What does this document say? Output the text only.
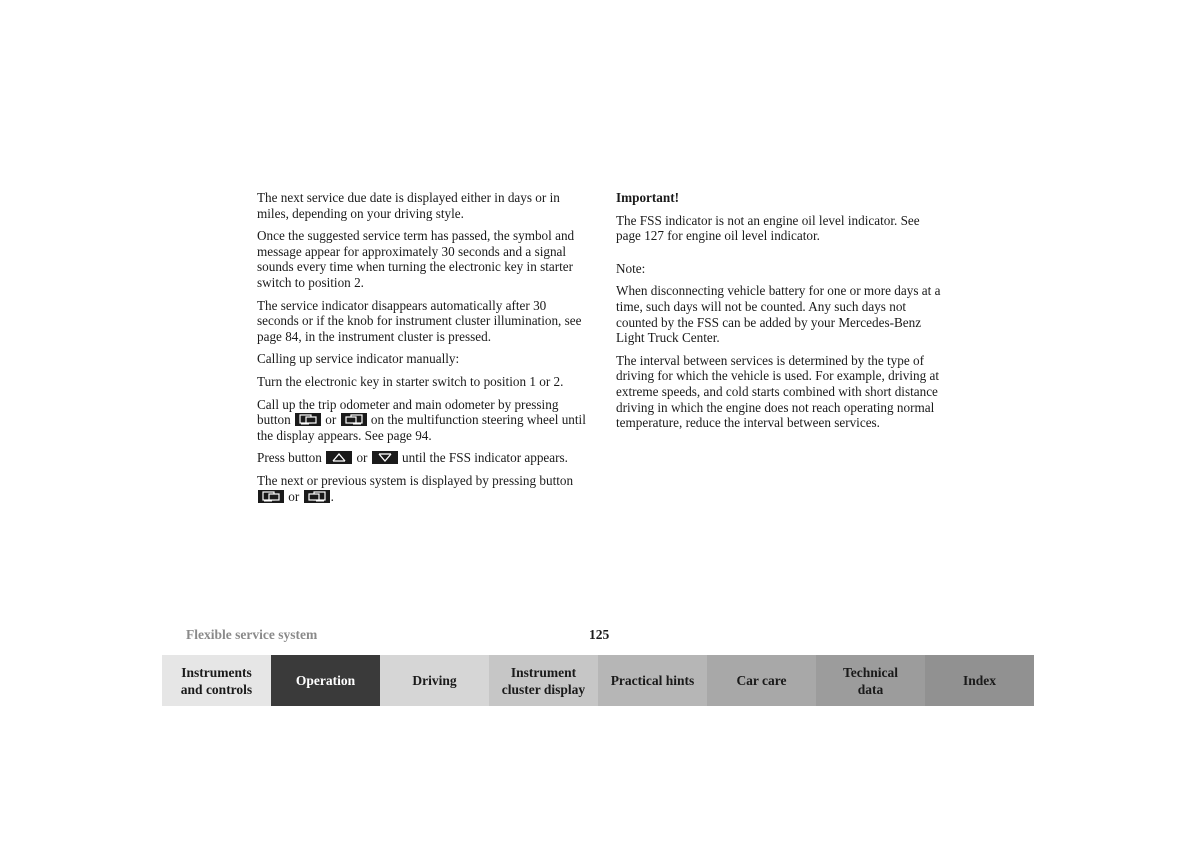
The next service due date is displayed either in days or in miles, depending on your driving style.

Once the suggested service term has passed, the symbol and message appear for approximately 30 seconds and a signal sounds every time when turning the electronic key in starter switch to position 2.

The service indicator disappears automatically after 30 seconds or if the knob for instrument cluster illumination, see page 84, in the instrument cluster is pressed.

Calling up service indicator manually:

Turn the electronic key in starter switch to position 1 or 2.

Call up the trip odometer and main odometer by pressing button	or	on the multifunction steering wheel until the display appears. See page 94.

Press button	or	until the FSS indicator appears.

The next or previous system is displayed by pressing button
or .

Important!

The FSS indicator is not an engine oil level indicator. See page 127 for engine oil level indicator.

Note:

When disconnecting vehicle battery for one or more days at a time, such days will not be counted. Any such days not counted by the FSS can be added by your Mercedes-Benz Light Truck Center.

The interval between services is determined by the type of driving for which the vehicle is used. For example, driving at extreme speeds, and cold starts combined with short distance driving in which the engine does not reach operating normal temperature, reduce the interval between services.

Flexible service system	125
Instruments
and controls
Operation	Driving
Instrument
cluster display
Practical hints	Car care
Technical
data
Index
